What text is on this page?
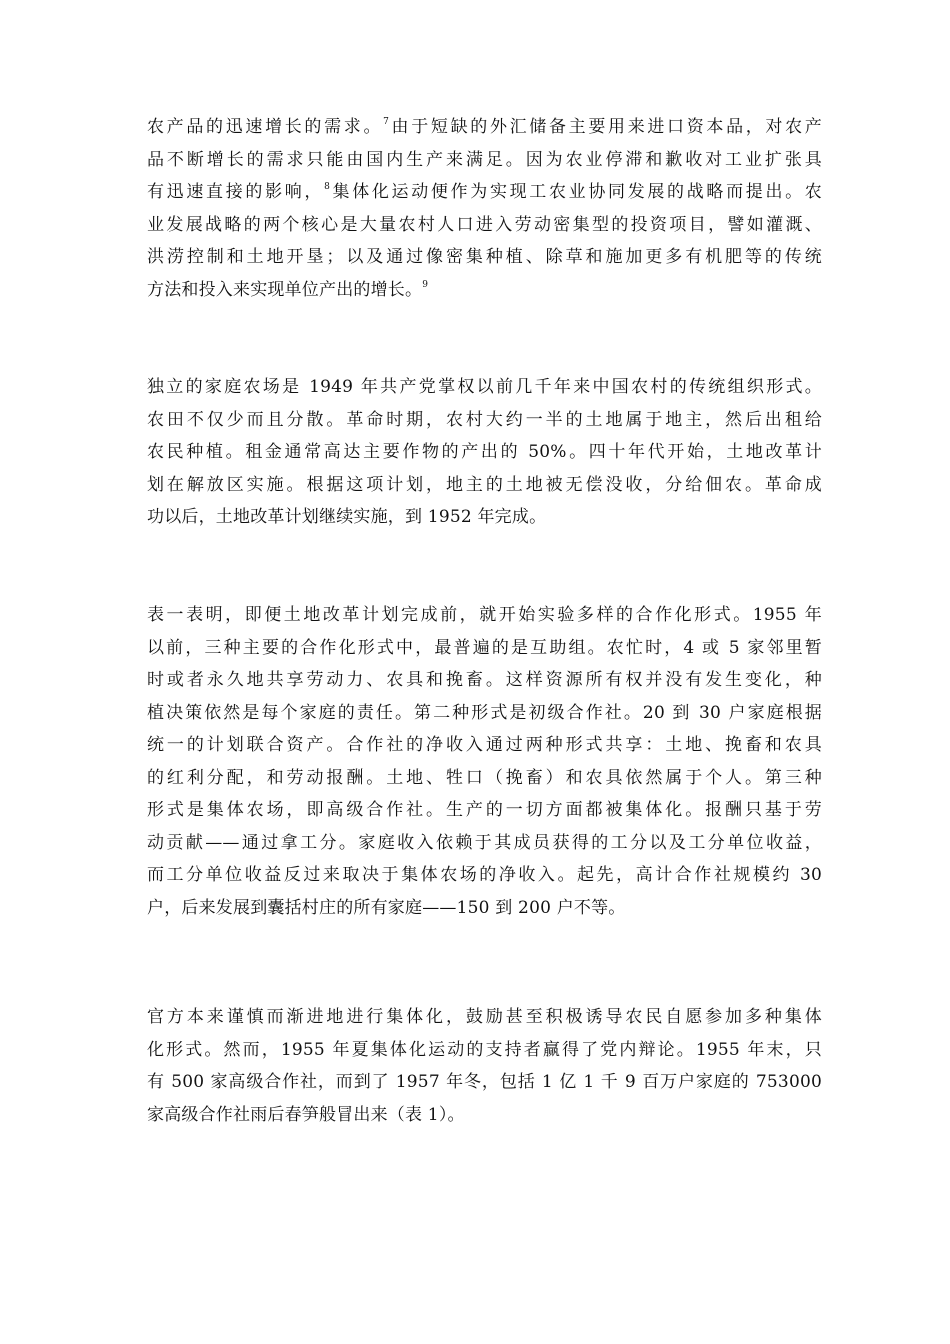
农产品的迅速增长的需求。$^7$由于短缺的外汇储备主要用来进口资本品，对农产
品不断增长的需求只能由国内生产来满足。因为农业停滞和歉收对工业扩张具
有迅速直接的影响，$^8$集体化运动便作为实现工农业协同发展的战略而提出。农
业发展战略的两个核心是大量农村人口进入劳动密集型的投资项目，譬如灌溉、
洪涝控制和土地开垦；以及通过像密集种植、除草和施加更多有机肥等的传统
方法和投入来实现单位产出的增长。$^9$
独立的家庭农场是 1949 年共产党掌权以前几千年来中国农村的传统组织形式。
农田不仅少而且分散。革命时期，农村大约一半的土地属于地主，然后出租给
农民种植。租金通常高达主要作物的产出的 50%。四十年代开始，土地改革计
划在解放区实施。根据这项计划，地主的土地被无偿没收，分给佃农。革命成
功以后，土地改革计划继续实施，到 1952 年完成。
表一表明，即便土地改革计划完成前，就开始实验多样的合作化形式。1955 年
以前，三种主要的合作化形式中，最普遍的是互助组。农忙时，4 或 5 家邻里暂
时或者永久地共享劳动力、农具和挽畜。这样资源所有权并没有发生变化，种
植决策依然是每个家庭的责任。第二种形式是初级合作社。20 到 30 户家庭根据
统一的计划联合资产。合作社的净收入通过两种形式共享：土地、挽畜和农具
的红利分配，和劳动报酬。土地、牲口（挽畜）和农具依然属于个人。第三种
形式是集体农场，即高级合作社。生产的一切方面都被集体化。报酬只基于劳
动贡献——通过拿工分。家庭收入依赖于其成员获得的工分以及工分单位收益，
而工分单位收益反过来取决于集体农场的净收入。起先，高计合作社规模约 30
户，后来发展到囊括村庄的所有家庭——150 到 200 户不等。
官方本来谨慎而渐进地进行集体化，鼓励甚至积极诱导农民自愿参加多种集体
化形式。然而，1955 年夏集体化运动的支持者赢得了党内辩论。1955 年末，只
有 500 家高级合作社，而到了 1957 年冬，包括 1 亿 1 千 9 百万户家庭的 753000
家高级合作社雨后春笋般冒出来（表 1）。
